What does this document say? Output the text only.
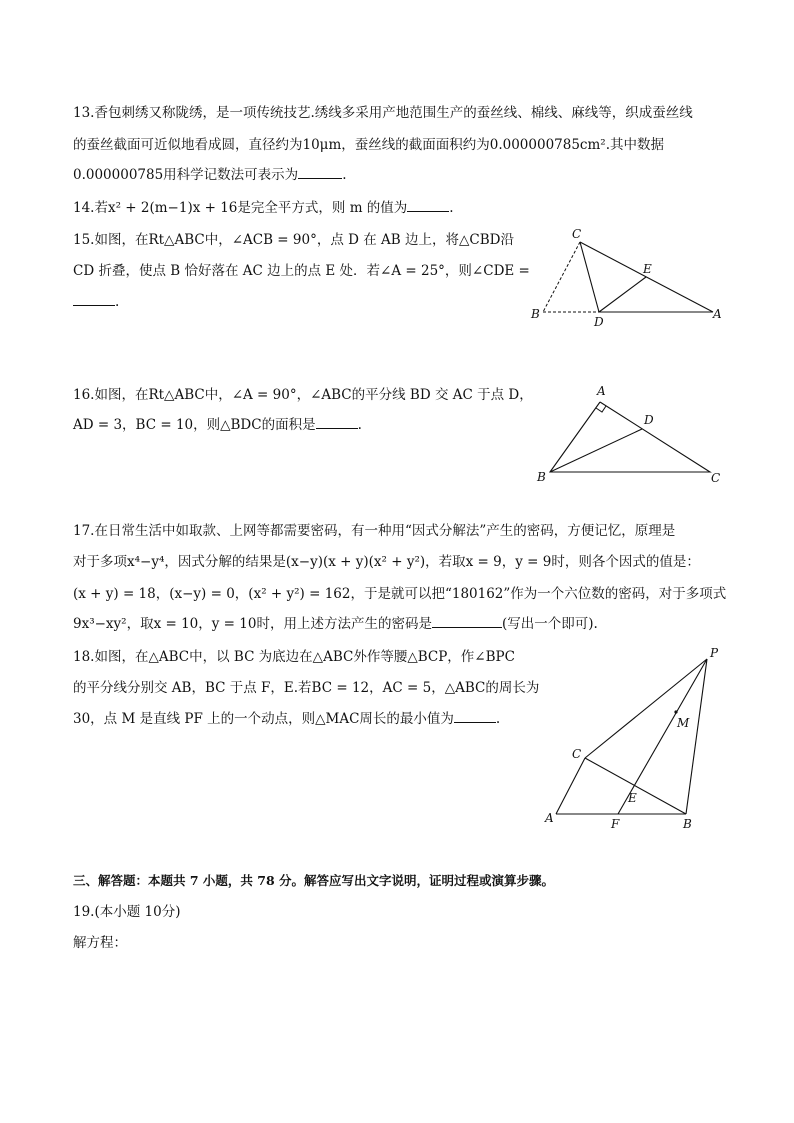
13.香包刺绣又称陇绣，是一项传统技艺.绣线多采用产地范围生产的蚕丝线、棉线、麻线等，织成蚕丝线
的蚕丝截面可近似地看成圆，直径约为10μm，蚕丝线的截面面积约为0.000000785cm².其中数据
0.000000785用科学记数法可表示为	.
14.若x² + 2(m−1)x + 16是完全平方式，则 m 的值为	.
15.如图，在Rt△ABC中，∠ACB = 90°，点 D 在 AB 边上，将△CBD沿
CD 折叠，使点 B 恰好落在 AC 边上的点 E 处．若∠A = 25°，则∠CDE =
.
C
E
B
D
A
16.如图，在Rt△ABC中，∠A = 90°，∠ABC的平分线 BD 交 AC 于点 D，
AD = 3，BC = 10，则△BDC的面积是	.
A
D
B	C
17.在日常生活中如取款、上网等都需要密码，有一种用“因式分解法”产生的密码，方便记忆，原理是
对于多项x⁴−y⁴，因式分解的结果是(x−y)(x + y)(x² + y²)，若取x = 9，y = 9时，则各个因式的值是：
(x + y) = 18，(x−y) = 0，(x² + y²) = 162，于是就可以把“180162”作为一个六位数的密码，对于多项式
9x³−xy²，取x = 10，y = 10时，用上述方法产生的密码是	(写出一个即可).
18.如图，在△ABC中，以 BC 为底边在△ABC外作等腰△BCP，作∠BPC
的平分线分别交 AB，BC 于点 F，E.若BC = 12，AC = 5，△ABC的周长为
30，点 M 是直线 PF 上的一个动点，则△MAC周长的最小值为	.
P
M
C
E
A	F	B
三、解答题：本题共 7 小题，共 78 分。解答应写出文字说明，证明过程或演算步骤。
19.(本小题 10分)
解方程：
